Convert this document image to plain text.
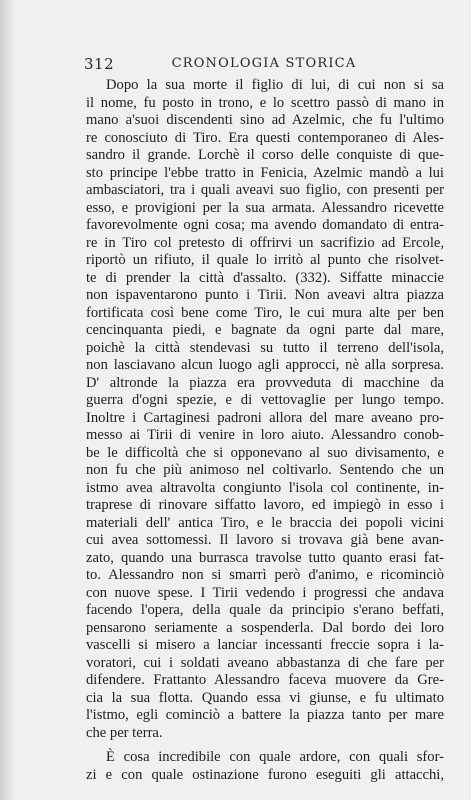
312	CRONOLOGIA STORICA

Dopo la sua morte il figlio di lui, di cui non si sa
il nome, fu posto in trono, e lo scettro passò di mano in
mano a'suoi discendenti sino ad Azelmic, che fu l'ultimo
re conosciuto di Tiro. Era questi contemporaneo di Ales-
sandro il grande. Lorchè il corso delle conquiste di que-
sto principe l'ebbe tratto in Fenicia, Azelmic mandò a lui
ambasciatori, tra i quali aveavi suo figlio, con presenti per
esso, e provigioni per la sua armata. Alessandro ricevette
favorevolmente ogni cosa; ma avendo domandato di entra-
re in Tiro col pretesto di offrirvi un sacrifizio ad Ercole,
riportò un rifiuto, il quale lo irritò al punto che risolvet-
te di prender la città d'assalto. (332). Siffatte minaccie
non ispaventarono punto i Tirii. Non aveavi altra piazza
fortificata così bene come Tiro, le cui mura alte per ben
cencinquanta piedi, e bagnate da ogni parte dal mare,
poichè la città stendevasi su tutto il terreno dell'isola,
non lasciavano alcun luogo agli approcci, nè alla sorpresa.
D' altronde la piazza era provveduta di macchine da
guerra d'ogni spezie, e di vettovaglie per lungo tempo.
Inoltre i Cartaginesi padroni allora del mare aveano pro-
messo ai Tirii di venire in loro aiuto. Alessandro conob-
be le difficoltà che si opponevano al suo divisamento, e
non fu che più animoso nel coltivarlo. Sentendo che un
istmo avea altravolta congiunto l'isola col continente, in-
traprese di rinovare siffatto lavoro, ed impiegò in esso i
materiali dell' antica Tiro, e le braccia dei popoli vicini
cui avea sottomessi. Il lavoro si trovava già bene avan-
zato, quando una burrasca travolse tutto quanto erasi fat-
to. Alessandro non si smarrì però d'animo, e ricominciò
con nuove spese. I Tirii vedendo i progressi che andava
facendo l'opera, della quale da principio s'erano beffati,
pensarono seriamente a sospenderla. Dal bordo dei loro
vascelli si misero a lanciar incessanti freccie sopra i la-
voratori, cui i soldati aveano abbastanza di che fare per
difendere. Frattanto Alessandro faceva muovere da Gre-
cia la sua flotta. Quando essa vi giunse, e fu ultimato
l'istmo, egli cominciò a battere la piazza tanto per mare
che per terra.

È cosa incredibile con quale ardore, con quali sfor-
zi e con quale ostinazione furono eseguiti gli attacchi,
